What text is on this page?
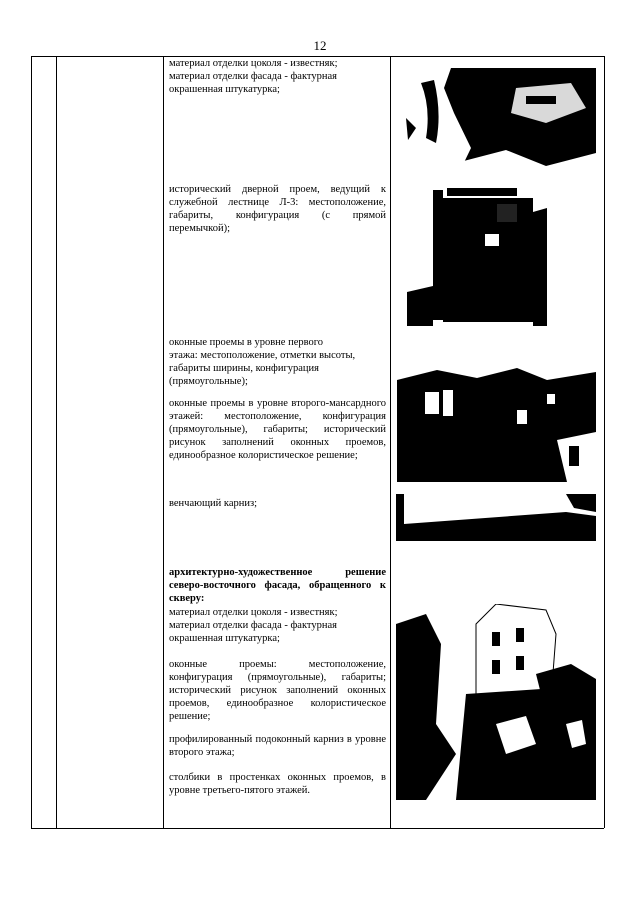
12
материал отделки цоколя - известняк;
материал отделки фасада - фактурная
окрашенная штукатурка;
исторический дверной проем, ведущий к служебной лестнице Л-3: местоположение, габариты, конфигурация (с прямой перемычкой);
оконные проемы в уровне первого
этажа: местоположение, отметки высоты,
габариты ширины, конфигурация
(прямоугольные);
оконные проемы в уровне второго-мансардного этажей: местоположение, конфигурация (прямоугольные), габариты; исторический рисунок заполнений оконных проемов, единообразное колористическое решение;
венчающий карниз;
архитектурно-художественное решение северо-восточного фасада, обращенного к скверу:
материал отделки цоколя - известняк;
материал отделки фасада - фактурная
окрашенная штукатурка;
оконные проемы: местоположение, конфигурация (прямоугольные), габариты; исторический рисунок заполнений оконных проемов, единообразное колористическое решение;
профилированный подоконный карниз в уровне второго этажа;
столбики в простенках оконных проемов, в уровне третьего-пятого этажей.
